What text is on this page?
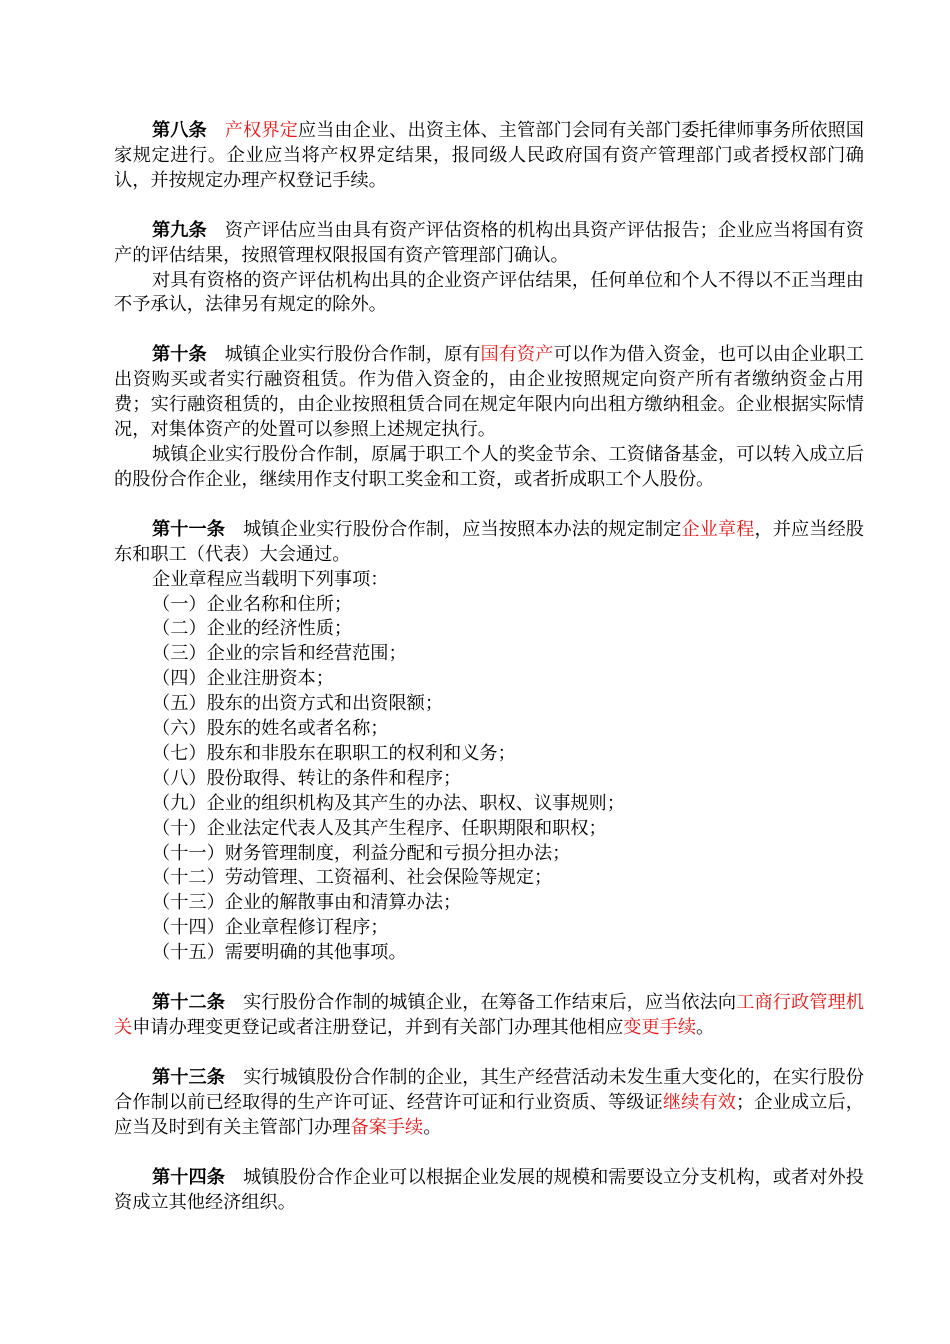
第八条 产权界定应当由企业、出资主体、主管部门会同有关部门委托律师事务所依照国家规定进行。企业应当将产权界定结果，报同级人民政府国有资产管理部门或者授权部门确认，并按规定办理产权登记手续。

第九条 资产评估应当由具有资产评估资格的机构出具资产评估报告；企业应当将国有资产的评估结果，按照管理权限报国有资产管理部门确认。

对具有资格的资产评估机构出具的企业资产评估结果，任何单位和个人不得以不正当理由不予承认，法律另有规定的除外。

第十条 城镇企业实行股份合作制，原有国有资产可以作为借入资金，也可以由企业职工出资购买或者实行融资租赁。作为借入资金的，由企业按照规定向资产所有者缴纳资金占用费；实行融资租赁的，由企业按照租赁合同在规定年限内向出租方缴纳租金。企业根据实际情况，对集体资产的处置可以参照上述规定执行。

城镇企业实行股份合作制，原属于职工个人的奖金节余、工资储备基金，可以转入成立后的股份合作企业，继续用作支付职工奖金和工资，或者折成职工个人股份。

第十一条 城镇企业实行股份合作制，应当按照本办法的规定制定企业章程，并应当经股东和职工（代表）大会通过。

企业章程应当载明下列事项：

（一）企业名称和住所；
（二）企业的经济性质；
（三）企业的宗旨和经营范围；
（四）企业注册资本；
（五）股东的出资方式和出资限额；
（六）股东的姓名或者名称；
（七）股东和非股东在职职工的权利和义务；
（八）股份取得、转让的条件和程序；
（九）企业的组织机构及其产生的办法、职权、议事规则；
（十）企业法定代表人及其产生程序、任职期限和职权；
（十一）财务管理制度，利益分配和亏损分担办法；
（十二）劳动管理、工资福利、社会保险等规定；
（十三）企业的解散事由和清算办法；
（十四）企业章程修订程序；
（十五）需要明确的其他事项。

第十二条 实行股份合作制的城镇企业，在筹备工作结束后，应当依法向工商行政管理机关申请办理变更登记或者注册登记，并到有关部门办理其他相应变更手续。

第十三条 实行城镇股份合作制的企业，其生产经营活动未发生重大变化的，在实行股份合作制以前已经取得的生产许可证、经营许可证和行业资质、等级证继续有效；企业成立后，应当及时到有关主管部门办理备案手续。

第十四条 城镇股份合作企业可以根据企业发展的规模和需要设立分支机构，或者对外投资成立其他经济组织。
